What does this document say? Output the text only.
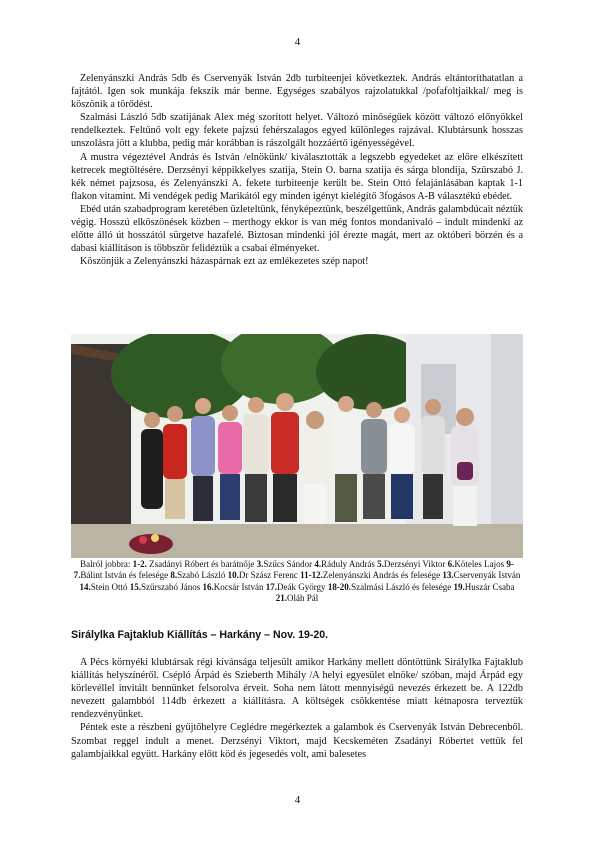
4

Zelenyánszki András 5db és Cservenyák István 2db turbiteenjei következtek. András eltántoríthatatlan a fajtától. Igen sok munkája fekszik már benne. Egységes szabályos rajzolatukkal /pofafoltjaikkal/ meg is köszönik a törődést.

Szalmási László 5db szatijának Alex még szorított helyet. Változó minőségűek között változó előnyökkel rendelkeztek. Feltűnő volt egy fekete pajzsú fehérszalagos egyed különleges rajzával. Klubtársunk hosszas unszolásra jött a klubba, pedig már korábban is rászolgált hozzáértő igényességével.

A mustra végeztével András és István /elnökünk/ kiválasztották a legszebb egyedeket az előre elkészített ketrecek megtöltésére. Derzsényi képpikkelyes szatija, Stein O. barna szatija és sárga blondija, Szűrszabó J. kék német pajzsosa, és Zelenyánszki A. fekete turbiteenje került be. Stein Ottó felajánlásában kaptak 1-1 flakon vitamint. Mi vendégek pedig Marikától egy minden igényt kielégítő 3fogásos A-B választékú ebédet.

Ebéd után szabadprogram keretében üzleteltünk, fényképeztünk, beszélgettünk, András galambdúcait néztük végig. Hosszú elköszönések közben – merthogy ekkor is van még fontos mondanivaló – indult mindenki az előtte álló út hosszától sürgetve hazafelé. Biztosan mindenki jól érezte magát, mert az októberi börzén és a dabasi kiállításon is többször felidéztük a csabai élményeket.

Köszönjük a Zelenyánszki házaspárnak ezt az emlékezetes szép napot!

Balról jobbra: 1-2. Zsadányi Róbert és barátnője 3.Szűcs Sándor 4.Ráduly András 5.Derzsényi Viktor 6.Köteles Lajos 9-7.Bálint István és felesége 8.Szabó László 10.Dr Szász Ferenc 11-12.Zelenyánszki András és felesége 13.Cservenyák István 14.Stein Ottó 15.Szűrszabó János 16.Kocsár István 17.Deák György 18-20.Szalmási László és felesége 19.Huszár Csaba 21.Oláh Pál

Sirálylka Fajtaklub Kiállítás – Harkány – Nov. 19-20.

A Pécs környéki klubtársak régi kívánsága teljesült amikor Harkány mellett döntöttünk Sirálylka Fajtaklub kiállítás helyszínéről. Csépló Árpád és Szieberth Mihály /A helyi egyesület elnöke/ szóban, majd Árpád egy körlevéllel invitált bennünket felsorolva érveit. Soha nem látott mennyiségű nevezés érkezett be. A 122db nevezett galambból 114db érkezett a kiállításra. A költségek csökkentése miatt kétnaposra terveztük rendezvényünket.

Péntek este a részbeni gyűjtőhelyre Ceglédre megérkeztek a galambok és Cservenyák István Debrecenből. Szombat reggel indult a menet. Derzsényi Viktort, majd Kecskeméten Zsadányi Róbertet vettük fel galambjaikkal együtt. Harkány előtt köd és jegesedés volt, ami balesetes

4
